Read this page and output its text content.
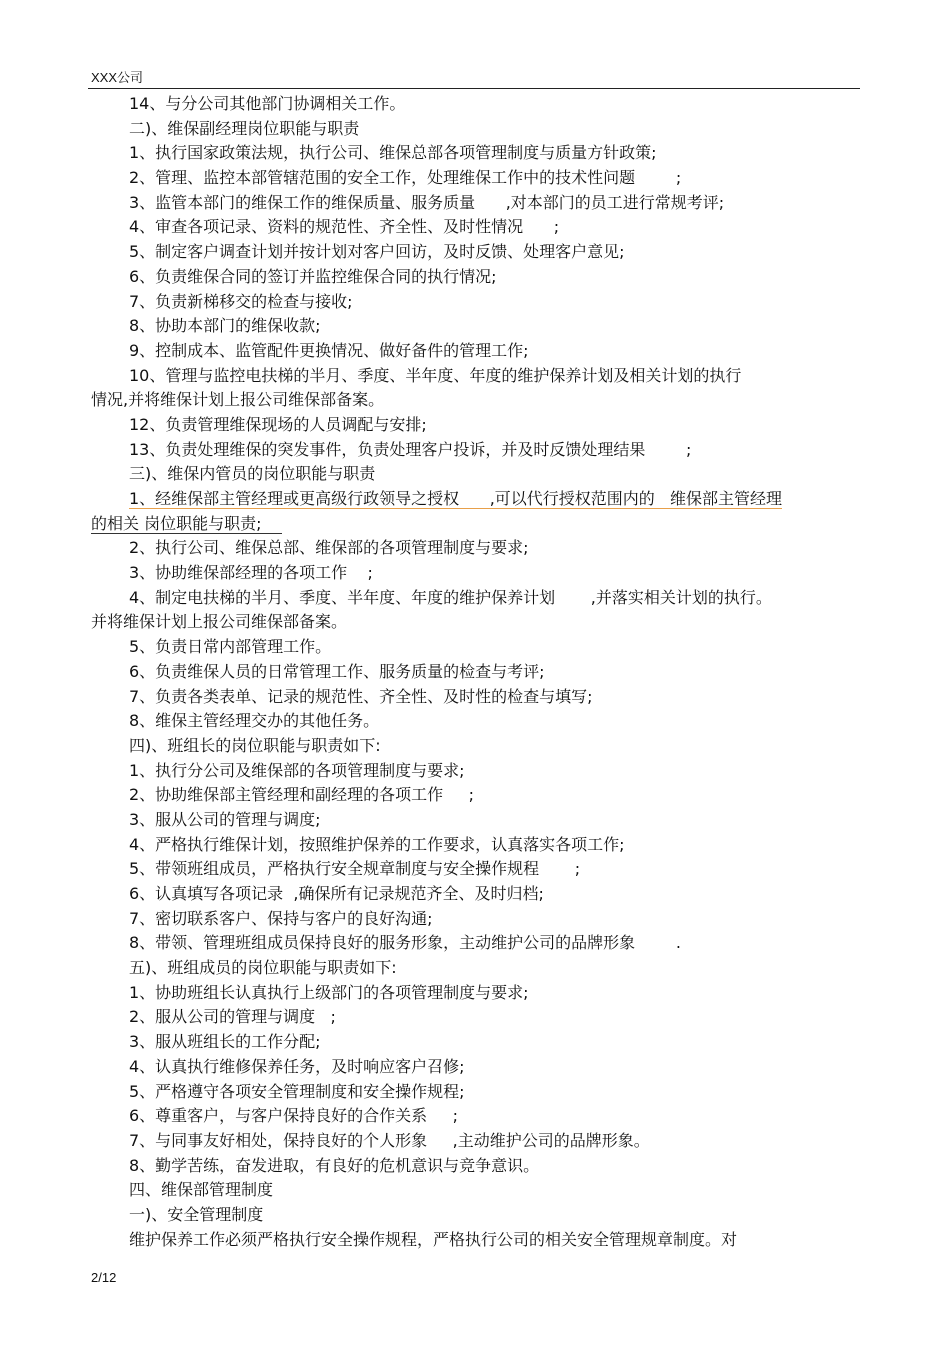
XXX公司
14、与分公司其他部门协调相关工作。
二)、维保副经理岗位职能与职责
1、执行国家政策法规，执行公司、维保总部各项管理制度与质量方针政策;
2、管理、监控本部管辖范围的安全工作，处理维保工作中的技术性问题        ;
3、监管本部门的维保工作的维保质量、服务质量      ,对本部门的员工进行常规考评;
4、审查各项记录、资料的规范性、齐全性、及时性情况      ;
5、制定客户调查计划并按计划对客户回访，及时反馈、处理客户意见;
6、负责维保合同的签订并监控维保合同的执行情况;
7、负责新梯移交的检查与接收;
8、协助本部门的维保收款;
9、控制成本、监管配件更换情况、做好备件的管理工作;
10、管理与监控电扶梯的半月、季度、半年度、年度的维护保养计划及相关计划的执行
情况,并将维保计划上报公司维保部备案。
12、负责管理维保现场的人员调配与安排;
13、负责处理维保的突发事件，负责处理客户投诉，并及时反馈处理结果        ;
三)、维保内管员的岗位职能与职责
1、经维保部主管经理或更高级行政领导之授权      ,可以代行授权范围内的   维保部主管经理
的相关 岗位职能与职责;
2、执行公司、维保总部、维保部的各项管理制度与要求;
3、协助维保部经理的各项工作    ;
4、制定电扶梯的半月、季度、半年度、年度的维护保养计划       ,并落实相关计划的执行。
并将维保计划上报公司维保部备案。
5、负责日常内部管理工作。
6、负责维保人员的日常管理工作、服务质量的检查与考评;
7、负责各类表单、记录的规范性、齐全性、及时性的检查与填写;
8、维保主管经理交办的其他任务。
四)、班组长的岗位职能与职责如下:
1、执行分公司及维保部的各项管理制度与要求;
2、协助维保部主管经理和副经理的各项工作     ;
3、服从公司的管理与调度;
4、严格执行维保计划，按照维护保养的工作要求，认真落实各项工作;
5、带领班组成员，严格执行安全规章制度与安全操作规程       ;
6、认真填写各项记录  ,确保所有记录规范齐全、及时归档;
7、密切联系客户、保持与客户的良好沟通;
8、带领、管理班组成员保持良好的服务形象，主动维护公司的品牌形象        .
五)、班组成员的岗位职能与职责如下:
1、协助班组长认真执行上级部门的各项管理制度与要求;
2、服从公司的管理与调度   ;
3、服从班组长的工作分配;
4、认真执行维修保养任务，及时响应客户召修;
5、严格遵守各项安全管理制度和安全操作规程;
6、尊重客户，与客户保持良好的合作关系     ;
7、与同事友好相处，保持良好的个人形象     ,主动维护公司的品牌形象。
8、勤学苦练，奋发进取，有良好的危机意识与竞争意识。
四、维保部管理制度
一)、安全管理制度
维护保养工作必须严格执行安全操作规程，严格执行公司的相关安全管理规章制度。对
2/12
